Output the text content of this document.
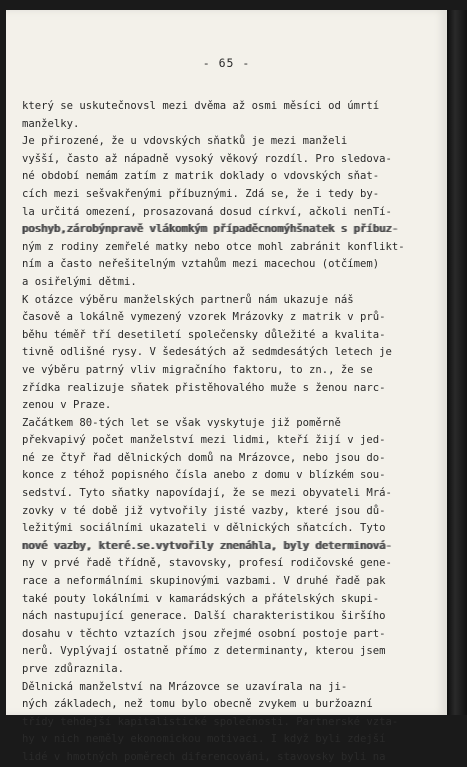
- 65 -
který se uskutečnovsl mezi dvěma až osmi měsíci od úmrtí
manželky.
Je přirozené, že u vdovských sňatků je mezi manželi
vyšší, často až nápadně vysoký věkový rozdíl. Pro sledova-
né období nemám zatím z matrik doklady o vdovských sňat-
cích mezi sešvakřenými příbuznými. Zdá se, že i tedy by-
la určitá omezení, prosazovaná dosud církví, ačkoli nenTí-
poshyb,zárobýnpravě vlákomkým případěcnomýhšnatek s příbuz-
ným z rodiny zemřelé matky nebo otce mohl zabránit konflikt-
ním a často neřešitelným vztahům mezi macechou (otčímem)
a osiřelými dětmi.
K otázce výběru manželských partnerů nám ukazuje náš
časově a lokálně vymezený vzorek Mrázovky z matrik v prů-
běhu téměř tří desetiletí společensky důležité a kvalita-
tivně odlišné rysy. V šedesátých až sedmdesátých letech je
ve výběru patrný vliv migračního faktoru, to zn., že se
zřídka realizuje sňatek přistěhovalého muže s ženou narc-
zenou v Praze.
Začátkem 80-tých let se však vyskytuje již poměrně
překvapivý počet manželství mezi lidmi, kteří žijí v jed-
né ze čtyř řad dělnických domů na Mrázovce, nebo jsou do-
konce z téhož popisného čísla anebo z domu v blízkém sou-
sedství. Tyto sňatky napovídají, že se mezi obyvateli Mrá-
zovky v té době již vytvořily jisté vazby, které jsou dů-
ležitými sociálními ukazateli v dělnických sňatcích. Tyto
nové vazby, které.se.vytvořily znenáhla, byly determinová-
ny v prvé řadě třídně, stavovsky, profesí rodičovské gene-
race a neformálními skupinovými vazbami. V druhé řadě pak
také pouty lokálními v kamarádských a přátelských skupi-
nách nastupující generace. Další charakteristikou širšího
dosahu v těchto vztazích jsou zřejmé osobní postoje part-
nerů. Vyplývají ostatně přímo z determinanty, kterou jsem
prve zdůraznila.
Dělnická manželství na Mrázovce se uzavírala na ji-
ných základech, než tomu bylo obecně zvykem u buržoazní
třídy tehdejší kapitalistické společnosti. Partnerské vzta-
hy v nich neměly ekonomickou motivaci. I když byli zdejší
lidé v hmotných poměrech diferencováni, stavovsky byli na
